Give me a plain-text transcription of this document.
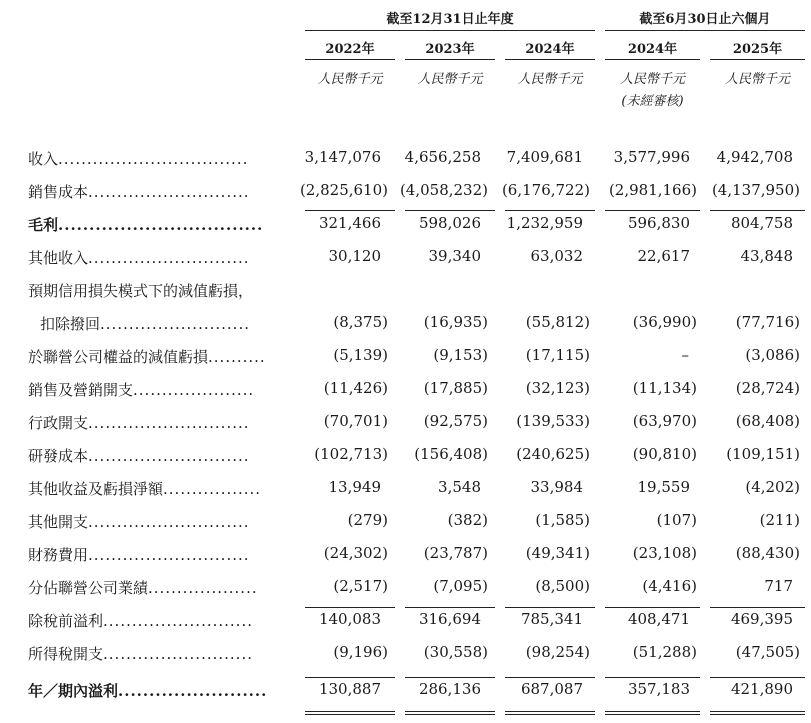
截至12月31日止年度	截至6月30日止六個月
2022年	2023年	2024年	2024年	2025年
人民幣千元	人民幣千元	人民幣千元	人民幣千元	人民幣千元
(未經審核)
收入.................................	3,147,076	4,656,258	7,409,681	3,577,996	4,942,708
銷售成本............................	(2,825,610) (4,058,232) (6,176,722)	(2,981,166) (4,137,950)
毛利.................................	321,466	598,026	1,232,959	596,830	804,758
其他收入............................	30,120	39,340	63,032	22,617	43,848
預期信用損失模式下的減值虧損，
扣除撥回..........................	(8,375)	(16,935)	(55,812)	(36,990)	(77,716)
於聯營公司權益的減值虧損..........	(5,139)	(9,153)	(17,115)	–	(3,086)
銷售及營銷開支.....................	(11,426)	(17,885)	(32,123)	(11,134)	(28,724)
行政開支............................	(70,701)	(92,575)	(139,533)	(63,970)	(68,408)
研發成本............................	(102,713)	(156,408)	(240,625)	(90,810)	(109,151)
其他收益及虧損淨額.................	13,949	3,548	33,984	19,559	(4,202)
其他開支............................	(279)	(382)	(1,585)	(107)	(211)
財務費用............................	(24,302)	(23,787)	(49,341)	(23,108)	(88,430)
分佔聯營公司業績...................	(2,517)	(7,095)	(8,500)	(4,416)	717
除稅前溢利..........................	140,083	316,694	785,341	408,471	469,395
所得稅開支..........................	(9,196)	(30,558)	(98,254)	(51,288)	(47,505)
年／期內溢利........................	130,887	286,136	687,087	357,183	421,890
